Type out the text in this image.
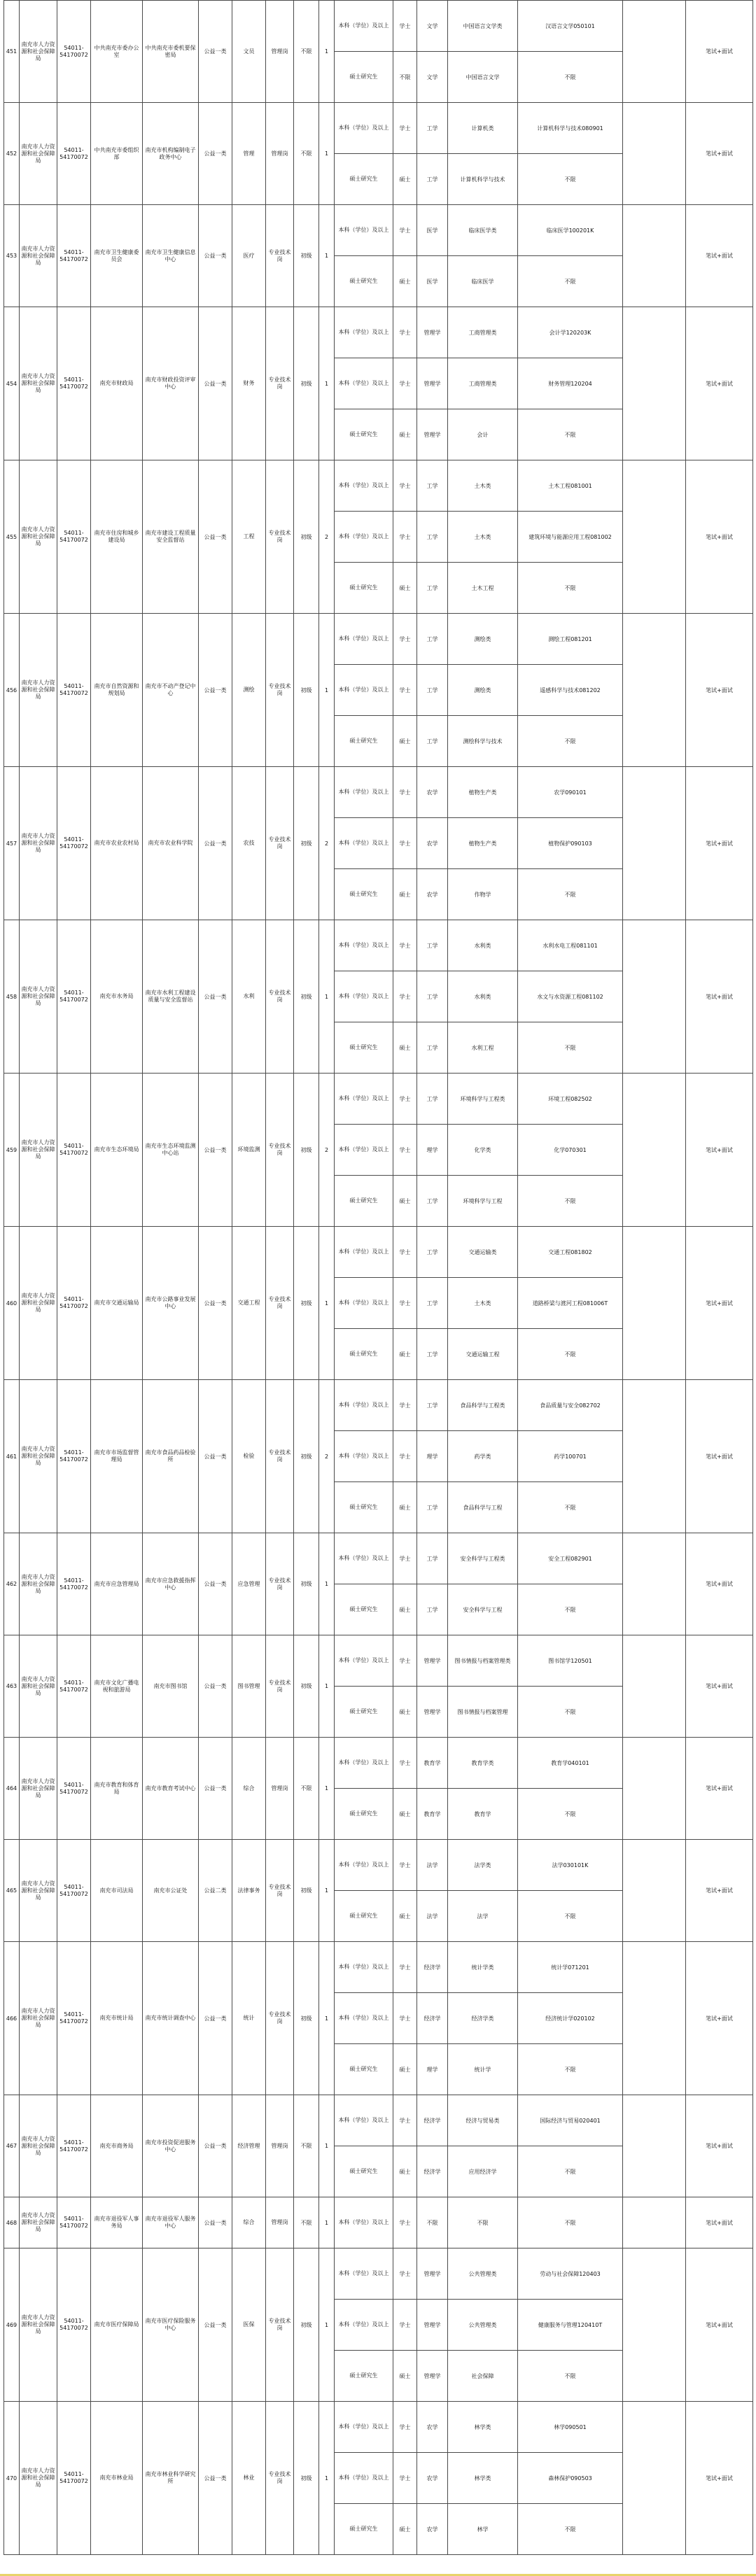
451	南充市人力资源和社会保障局	54011-54170072	中共南充市委办公室	中共南充市委机要保密局	公益一类	文员	管理岗	不限	1	本科（学位）及以上	学士	文学	中国语言文学类	汉语言文学050101		笔试+面试
										硕士研究生	不限	文学	中国语言文学	不限		
452	南充市人力资源和社会保障局	54011-54170072	中共南充市委组织部	南充市机构编制电子政务中心	公益一类	管理	管理岗	不限	1	本科（学位）及以上	学士	工学	计算机类	计算机科学与技术080901		笔试+面试
										硕士研究生	硕士	工学	计算机科学与技术	不限		
453	南充市人力资源和社会保障局	54011-54170072	南充市卫生健康委员会	南充市卫生健康信息中心	公益一类	医疗	专业技术岗	初级	1	本科（学位）及以上	学士	医学	临床医学类	临床医学100201K		笔试+面试
										硕士研究生	硕士	医学	临床医学	不限		
454	南充市人力资源和社会保障局	54011-54170072	南充市财政局	南充市财政投资评审中心	公益一类	财务	专业技术岗	初级	1	本科（学位）及以上	学士	管理学	工商管理类	会计学120203K		笔试+面试
										本科（学位）及以上	学士	管理学	工商管理类	财务管理120204		
										硕士研究生	硕士	管理学	会计	不限		
455	南充市人力资源和社会保障局	54011-54170072	南充市住房和城乡建设局	南充市建设工程质量安全监督站	公益一类	工程	专业技术岗	初级	2	本科（学位）及以上	学士	工学	土木类	土木工程081001		笔试+面试
										本科（学位）及以上	学士	工学	土木类	建筑环境与能源应用工程081002		
										硕士研究生	硕士	工学	土木工程	不限		
456	南充市人力资源和社会保障局	54011-54170072	南充市自然资源和规划局	南充市不动产登记中心	公益一类	测绘	专业技术岗	初级	1	本科（学位）及以上	学士	工学	测绘类	测绘工程081201		笔试+面试
										本科（学位）及以上	学士	工学	测绘类	遥感科学与技术081202		
										硕士研究生	硕士	工学	测绘科学与技术	不限		
457	南充市人力资源和社会保障局	54011-54170072	南充市农业农村局	南充市农业科学院	公益一类	农技	专业技术岗	初级	2	本科（学位）及以上	学士	农学	植物生产类	农学090101		笔试+面试
										本科（学位）及以上	学士	农学	植物生产类	植物保护090103		
										硕士研究生	硕士	农学	作物学	不限		
458	南充市人力资源和社会保障局	54011-54170072	南充市水务局	南充市水利工程建设质量与安全监督站	公益一类	水利	专业技术岗	初级	1	本科（学位）及以上	学士	工学	水利类	水利水电工程081101		笔试+面试
										本科（学位）及以上	学士	工学	水利类	水文与水资源工程081102		
										硕士研究生	硕士	工学	水利工程	不限		
459	南充市人力资源和社会保障局	54011-54170072	南充市生态环境局	南充市生态环境监测中心站	公益一类	环境监测	专业技术岗	初级	2	本科（学位）及以上	学士	工学	环境科学与工程类	环境工程082502		笔试+面试
										本科（学位）及以上	学士	理学	化学类	化学070301		
										硕士研究生	硕士	工学	环境科学与工程	不限		
460	南充市人力资源和社会保障局	54011-54170072	南充市交通运输局	南充市公路事业发展中心	公益一类	交通工程	专业技术岗	初级	1	本科（学位）及以上	学士	工学	交通运输类	交通工程081802		笔试+面试
										本科（学位）及以上	学士	工学	土木类	道路桥梁与渡河工程081006T		
										硕士研究生	硕士	工学	交通运输工程	不限		
461	南充市人力资源和社会保障局	54011-54170072	南充市市场监督管理局	南充市食品药品检验所	公益一类	检验	专业技术岗	初级	2	本科（学位）及以上	学士	工学	食品科学与工程类	食品质量与安全082702		笔试+面试
										本科（学位）及以上	学士	理学	药学类	药学100701		
										硕士研究生	硕士	工学	食品科学与工程	不限		
462	南充市人力资源和社会保障局	54011-54170072	南充市应急管理局	南充市应急救援指挥中心	公益一类	应急管理	专业技术岗	初级	1	本科（学位）及以上	学士	工学	安全科学与工程类	安全工程082901		笔试+面试
										硕士研究生	硕士	工学	安全科学与工程	不限		
463	南充市人力资源和社会保障局	54011-54170072	南充市文化广播电视和旅游局	南充市图书馆	公益一类	图书管理	专业技术岗	初级	1	本科（学位）及以上	学士	管理学	图书情报与档案管理类	图书馆学120501		笔试+面试
										硕士研究生	硕士	管理学	图书情报与档案管理	不限		
464	南充市人力资源和社会保障局	54011-54170072	南充市教育和体育局	南充市教育考试中心	公益一类	综合	管理岗	不限	1	本科（学位）及以上	学士	教育学	教育学类	教育学040101		笔试+面试
										硕士研究生	硕士	教育学	教育学	不限		
465	南充市人力资源和社会保障局	54011-54170072	南充市司法局	南充市公证处	公益二类	法律事务	专业技术岗	初级	1	本科（学位）及以上	学士	法学	法学类	法学030101K		笔试+面试
										硕士研究生	硕士	法学	法学	不限		
466	南充市人力资源和社会保障局	54011-54170072	南充市统计局	南充市统计调查中心	公益一类	统计	专业技术岗	初级	1	本科（学位）及以上	学士	经济学	统计学类	统计学071201		笔试+面试
										本科（学位）及以上	学士	经济学	经济学类	经济统计学020102		
										硕士研究生	硕士	理学	统计学	不限		
467	南充市人力资源和社会保障局	54011-54170072	南充市商务局	南充市投资促进服务中心	公益一类	经济管理	管理岗	不限	1	本科（学位）及以上	学士	经济学	经济与贸易类	国际经济与贸易020401		笔试+面试
										硕士研究生	硕士	经济学	应用经济学	不限		
468	南充市人力资源和社会保障局	54011-54170072	南充市退役军人事务局	南充市退役军人服务中心	公益一类	综合	管理岗	不限	1	本科（学位）及以上	学士	不限	不限	不限		笔试+面试
469	南充市人力资源和社会保障局	54011-54170072	南充市医疗保障局	南充市医疗保险服务中心	公益一类	医保	专业技术岗	初级	1	本科（学位）及以上	学士	管理学	公共管理类	劳动与社会保障120403		笔试+面试
										本科（学位）及以上	学士	管理学	公共管理类	健康服务与管理120410T		
										硕士研究生	硕士	管理学	社会保障	不限		
470	南充市人力资源和社会保障局	54011-54170072	南充市林业局	南充市林业科学研究所	公益一类	林业	专业技术岗	初级	1	本科（学位）及以上	学士	农学	林学类	林学090501		笔试+面试
										本科（学位）及以上	学士	农学	林学类	森林保护090503		
										硕士研究生	硕士	农学	林学	不限		
